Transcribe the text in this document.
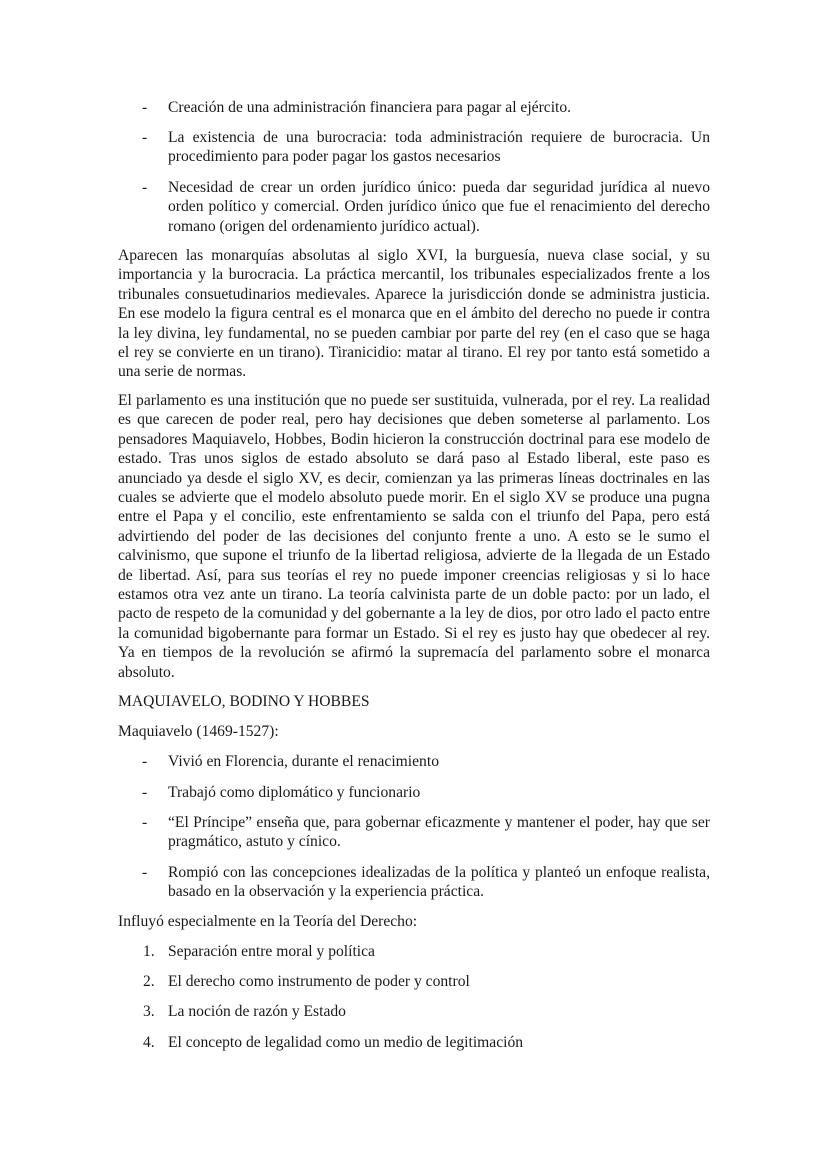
- Creación de una administración financiera para pagar al ejército.
- La existencia de una burocracia: toda administración requiere de burocracia. Un procedimiento para poder pagar los gastos necesarios
- Necesidad de crear un orden jurídico único: pueda dar seguridad jurídica al nuevo orden político y comercial. Orden jurídico único que fue el renacimiento del derecho romano (origen del ordenamiento jurídico actual).
Aparecen las monarquías absolutas al siglo XVI, la burguesía, nueva clase social, y su importancia y la burocracia. La práctica mercantil, los tribunales especializados frente a los tribunales consuetudinarios medievales. Aparece la jurisdicción donde se administra justicia. En ese modelo la figura central es el monarca que en el ámbito del derecho no puede ir contra la ley divina, ley fundamental, no se pueden cambiar por parte del rey (en el caso que se haga el rey se convierte en un tirano). Tiranicidio: matar al tirano. El rey por tanto está sometido a una serie de normas.
El parlamento es una institución que no puede ser sustituida, vulnerada, por el rey. La realidad es que carecen de poder real, pero hay decisiones que deben someterse al parlamento. Los pensadores Maquiavelo, Hobbes, Bodin hicieron la construcción doctrinal para ese modelo de estado. Tras unos siglos de estado absoluto se dará paso al Estado liberal, este paso es anunciado ya desde el siglo XV, es decir, comienzan ya las primeras líneas doctrinales en las cuales se advierte que el modelo absoluto puede morir. En el siglo XV se produce una pugna entre el Papa y el concilio, este enfrentamiento se salda con el triunfo del Papa, pero está advirtiendo del poder de las decisiones del conjunto frente a uno. A esto se le sumo el calvinismo, que supone el triunfo de la libertad religiosa, advierte de la llegada de un Estado de libertad. Así, para sus teorías el rey no puede imponer creencias religiosas y si lo hace estamos otra vez ante un tirano. La teoría calvinista parte de un doble pacto: por un lado, el pacto de respeto de la comunidad y del gobernante a la ley de dios, por otro lado el pacto entre la comunidad bigobernante para formar un Estado. Si el rey es justo hay que obedecer al rey. Ya en tiempos de la revolución se afirmó la supremacía del parlamento sobre el monarca absoluto.
MAQUIAVELO, BODINO Y HOBBES
Maquiavelo (1469-1527):
- Vivió en Florencia, durante el renacimiento
- Trabajó como diplomático y funcionario
- “El Príncipe” enseña que, para gobernar eficazmente y mantener el poder, hay que ser pragmático, astuto y cínico.
- Rompió con las concepciones idealizadas de la política y planteó un enfoque realista, basado en la observación y la experiencia práctica.
Influyó especialmente en la Teoría del Derecho:
1. Separación entre moral y política
2. El derecho como instrumento de poder y control
3. La noción de razón y Estado
4. El concepto de legalidad como un medio de legitimación
